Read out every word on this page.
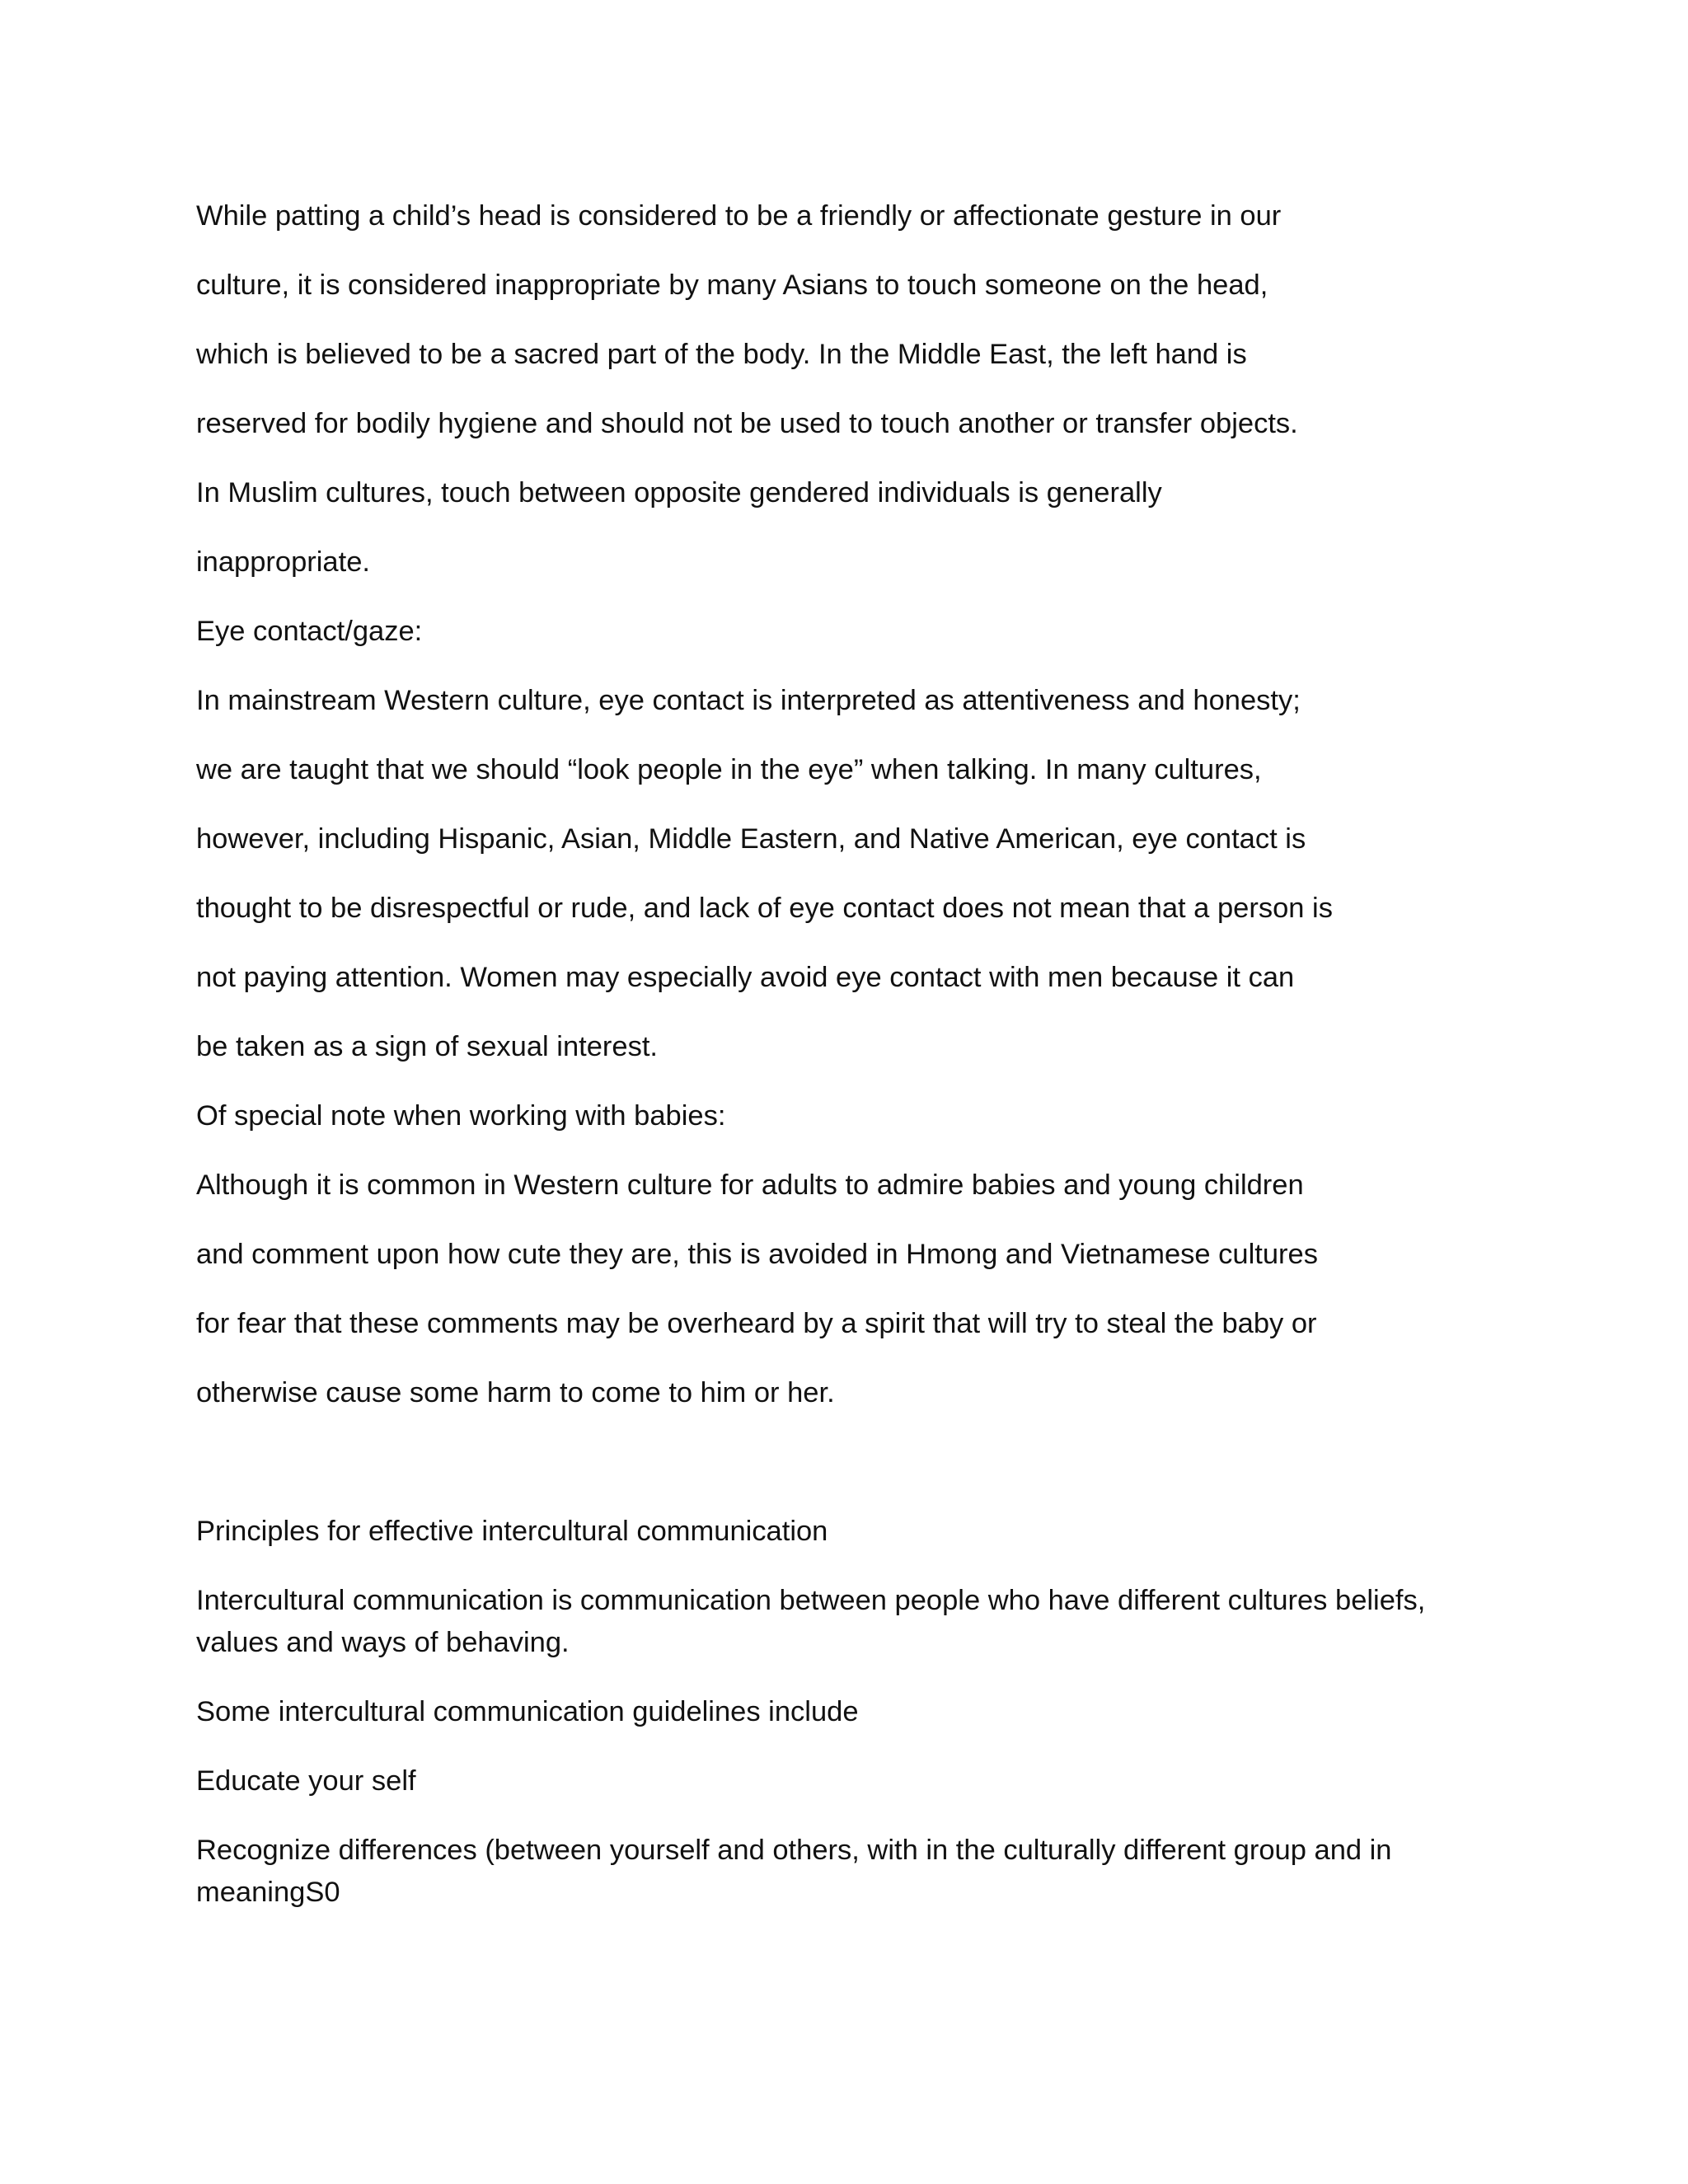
While patting a child’s head is considered to be a friendly or affectionate gesture in our
culture, it is considered inappropriate by many Asians to touch someone on the head,
which is believed to be a sacred part of the body. In the Middle East, the left hand is
reserved for bodily hygiene and should not be used to touch another or transfer objects.
In Muslim cultures, touch between opposite gendered individuals is generally
inappropriate.
Eye contact/gaze:
In mainstream Western culture, eye contact is interpreted as attentiveness and honesty;
we are taught that we should “look people in the eye” when talking. In many cultures,
however, including Hispanic, Asian, Middle Eastern, and Native American, eye contact is
thought to be disrespectful or rude, and lack of eye contact does not mean that a person is
not paying attention. Women may especially avoid eye contact with men because it can
be taken as a sign of sexual interest.
Of special note when working with babies:
Although it is common in Western culture for adults to admire babies and young children
and comment upon how cute they are, this is avoided in Hmong and Vietnamese cultures
for fear that these comments may be overheard by a spirit that will try to steal the baby or
otherwise cause some harm to come to him or her.
Principles for effective intercultural communication
Intercultural communication is communication between people who have different cultures beliefs,
values and ways of behaving.
Some intercultural communication guidelines include
Educate your self
Recognize differences (between yourself and others, with in the culturally different group and in
meaningS0
